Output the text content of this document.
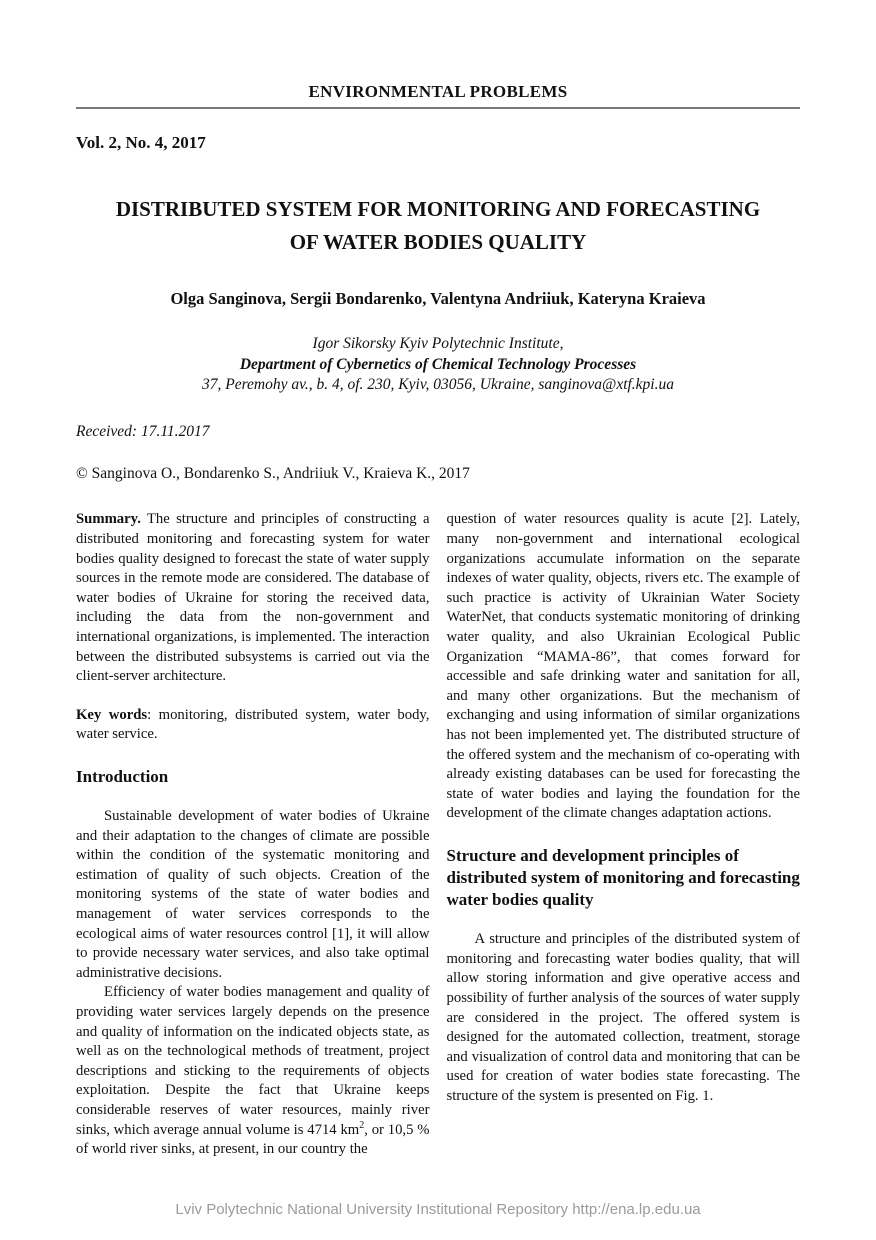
ENVIRONMENTAL PROBLEMS
Vol. 2, No. 4, 2017
DISTRIBUTED SYSTEM FOR MONITORING AND FORECASTING
OF WATER BODIES QUALITY
Olga Sanginova, Sergii Bondarenko, Valentyna Andriiuk, Kateryna Kraieva
Igor Sikorsky Kyiv Polytechnic Institute,
Department of Cybernetics of Chemical Technology Processes
37, Peremohy av., b. 4, of. 230, Kyiv, 03056, Ukraine, sanginova@xtf.kpi.ua
Received: 17.11.2017
© Sanginova O., Bondarenko S., Andriiuk V., Kraieva K., 2017

Summary. The structure and principles of constructing a distributed monitoring and forecasting system for water bodies quality designed to forecast the state of water supply sources in the remote mode are considered. The database of water bodies of Ukraine for storing the received data, including the data from the non-government and international organizations, is implemented. The interaction between the distributed subsystems is carried out via the client-server architecture.

Key words: monitoring, distributed system, water body, water service.

Introduction

Sustainable development of water bodies of Ukraine and their adaptation to the changes of climate are possible within the condition of the systematic monitoring and estimation of quality of such objects. Creation of the monitoring systems of the state of water bodies and management of water services corresponds to the ecological aims of water resources control [1], it will allow to provide necessary water services, and also take optimal administrative decisions.

Efficiency of water bodies management and quality of providing water services largely depends on the presence and quality of information on the indicated objects state, as well as on the technological methods of treatment, project descriptions and sticking to the requirements of objects exploitation. Despite the fact that Ukraine keeps considerable reserves of water resources, mainly river sinks, which average annual volume is 4714 $km^2$, or 10,5 % of world river sinks, at present, in our country the

question of water resources quality is acute [2]. Lately, many non-government and international ecological organizations accumulate information on the separate indexes of water quality, objects, rivers etc. The example of such practice is activity of Ukrainian Water Society WaterNet, that conducts systematic monitoring of drinking water quality, and also Ukrainian Ecological Public Organization “MAMA-86”, that comes forward for accessible and safe drinking water and sanitation for all, and many other organizations. But the mechanism of exchanging and using information of similar organizations has not been implemented yet. The distributed structure of the offered system and the mechanism of co-operating with already existing databases can be used for forecasting the state of water bodies and laying the foundation for the development of the climate changes adaptation actions.

Structure and development principles of distributed system of monitoring and forecasting water bodies quality

A structure and principles of the distributed system of monitoring and forecasting water bodies quality, that will allow storing information and give operative access and possibility of further analysis of the sources of water supply are considered in the project. The offered system is designed for the automated collection, treatment, storage and visualization of control data and monitoring that can be used for creation of water bodies state forecasting. The structure of the system is presented on Fig. 1.

Lviv Polytechnic National University Institutional Repository http://ena.lp.edu.ua
